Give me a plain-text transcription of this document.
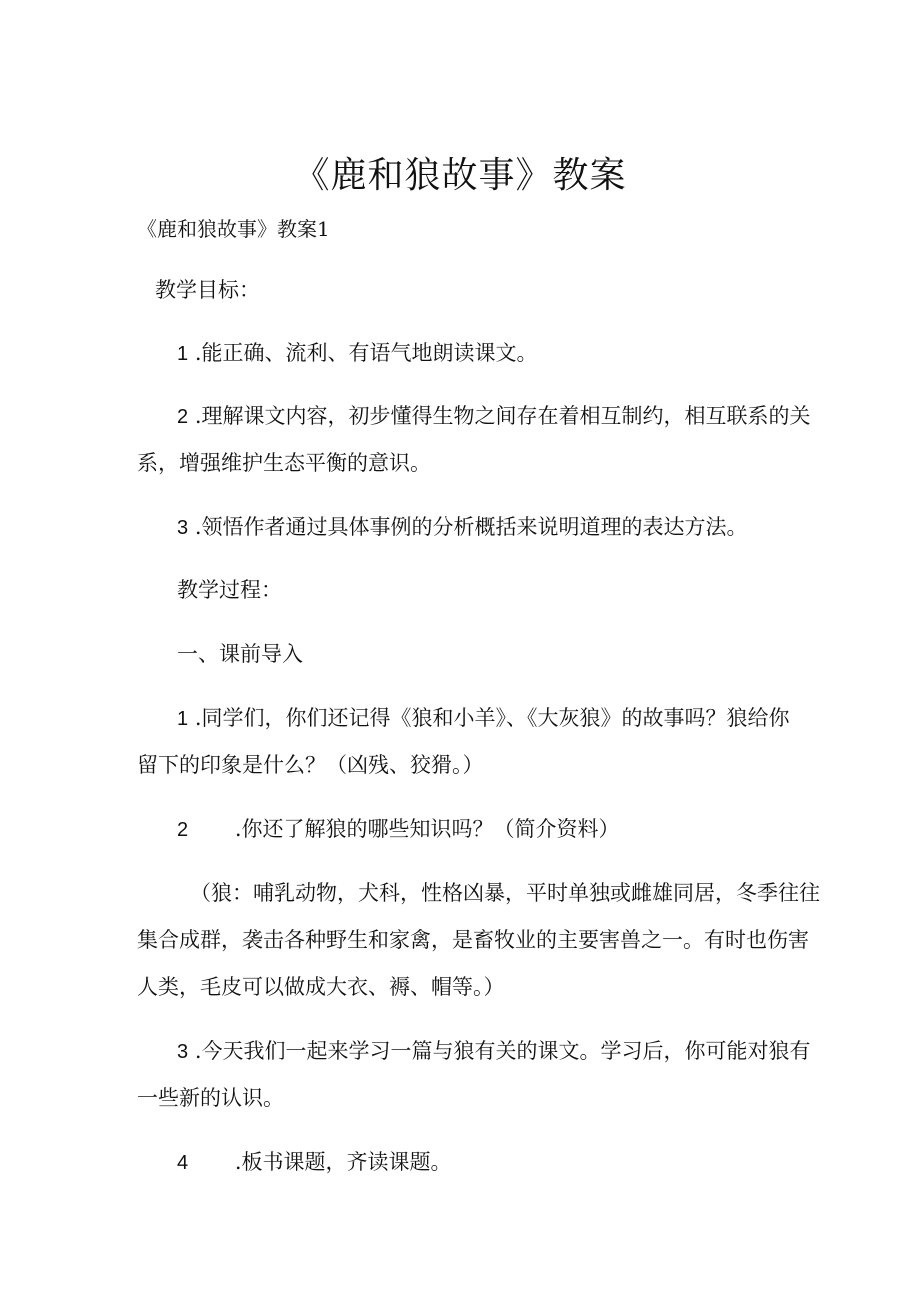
《鹿和狼故事》教案

《鹿和狼故事》教案1

教学目标：

1 .能正确、流利、有语气地朗读课文。

2 .理解课文内容，初步懂得生物之间存在着相互制约，相互联系的关

系，增强维护生态平衡的意识。

3 .领悟作者通过具体事例的分析概括来说明道理的表达方法。

教学过程：

一、课前导入

1 .同学们，你们还记得《狼和小羊》、《大灰狼》的故事吗？狼给你

留下的印象是什么？（凶残、狡猾。）

2 .你还了解狼的哪些知识吗？（简介资料）

（狼：哺乳动物，犬科，性格凶暴，平时单独或雌雄同居，冬季往往

集合成群，袭击各种野生和家禽，是畜牧业的主要害兽之一。有时也伤害

人类，毛皮可以做成大衣、褥、帽等。）

3 .今天我们一起来学习一篇与狼有关的课文。学习后，你可能对狼有

一些新的认识。

4 .板书课题，齐读课题。
